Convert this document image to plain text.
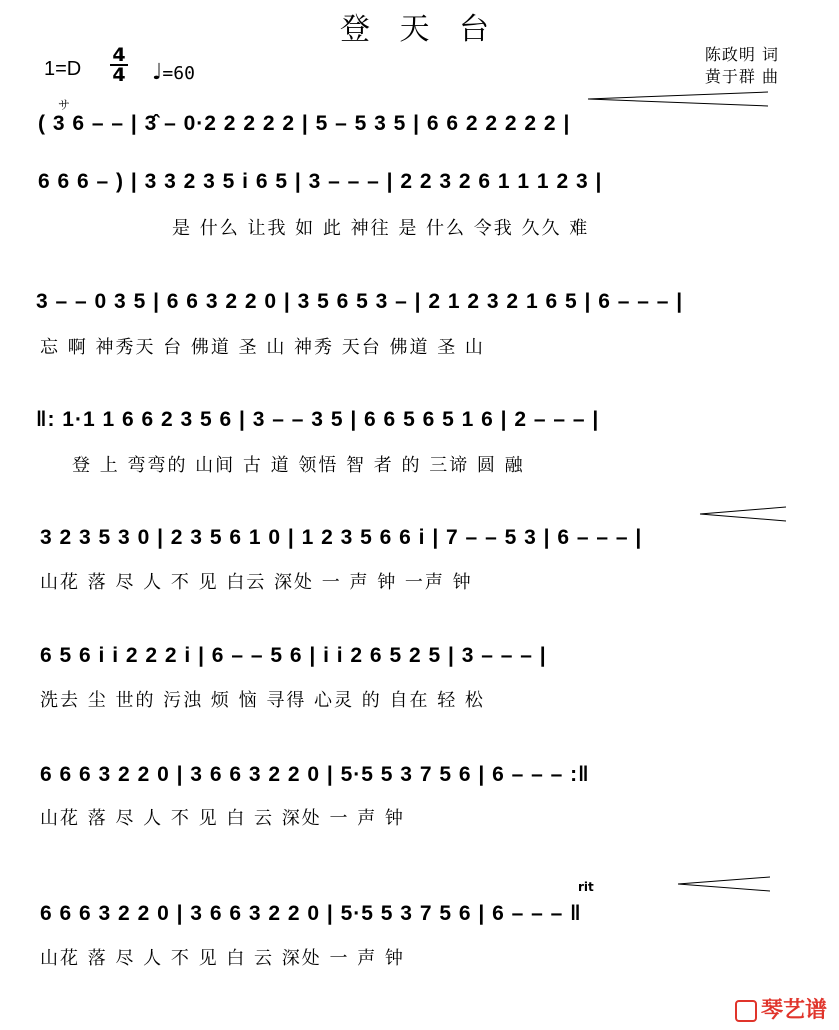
登 天 台
陈政明 词
黄于群 曲
1=D
4
4 ♩=60
サ
( 3 6 – – | 3̂ – 0·2 2 2 2 2 | 5 – 5 3 5 | 6 6 2 2 2 2 2 |
6 6 6 – ) | 3 3 2 3 5 i 6 5 | 3 – – – | 2 2 3 2 6 1 1 1 2 3 |
是 什么 让我 如 此 神往 是 什么 令我 久久 难
3 – – 0 3 5 | 6 6 3 2 2 0 | 3 5 6 5 3 – | 2 1 2 3 2 1 6 5 | 6 – – – |
忘 啊 神秀天 台 佛道 圣 山 神秀 天台 佛道 圣 山
‖: 1·1 1 6 6 2 3 5 6 | 3 – – 3 5 | 6 6 5 6 5 1 6 | 2 – – – |
登 上 弯弯的 山间 古 道 领悟 智 者 的 三谛 圆 融
3 2 3 5 3 0 | 2 3 5 6 1 0 | 1 2 3 5 6 6 i | 7 – – 5 3 | 6 – – – |
山花 落 尽 人 不 见 白云 深处 一 声 钟 一声 钟
6 5 6 i i 2 2 2 i | 6 – – 5 6 | i i 2 6 5 2 5 | 3 – – – |
洗去 尘 世的 污浊 烦 恼 寻得 心灵 的 自在 轻 松
6 6 6 3 2 2 0 | 3 6 6 3 2 2 0 | 5·5 5 3 7 5 6 | 6 – – – :‖
山花 落 尽 人 不 见 白 云 深处 一 声 钟
rit
6 6 6 3 2 2 0 | 3 6 6 3 2 2 0 | 5·5 5 3 7 5 6 | 6 – – – ‖
山花 落 尽 人 不 见 白 云 深处 一 声 钟
琴艺谱
